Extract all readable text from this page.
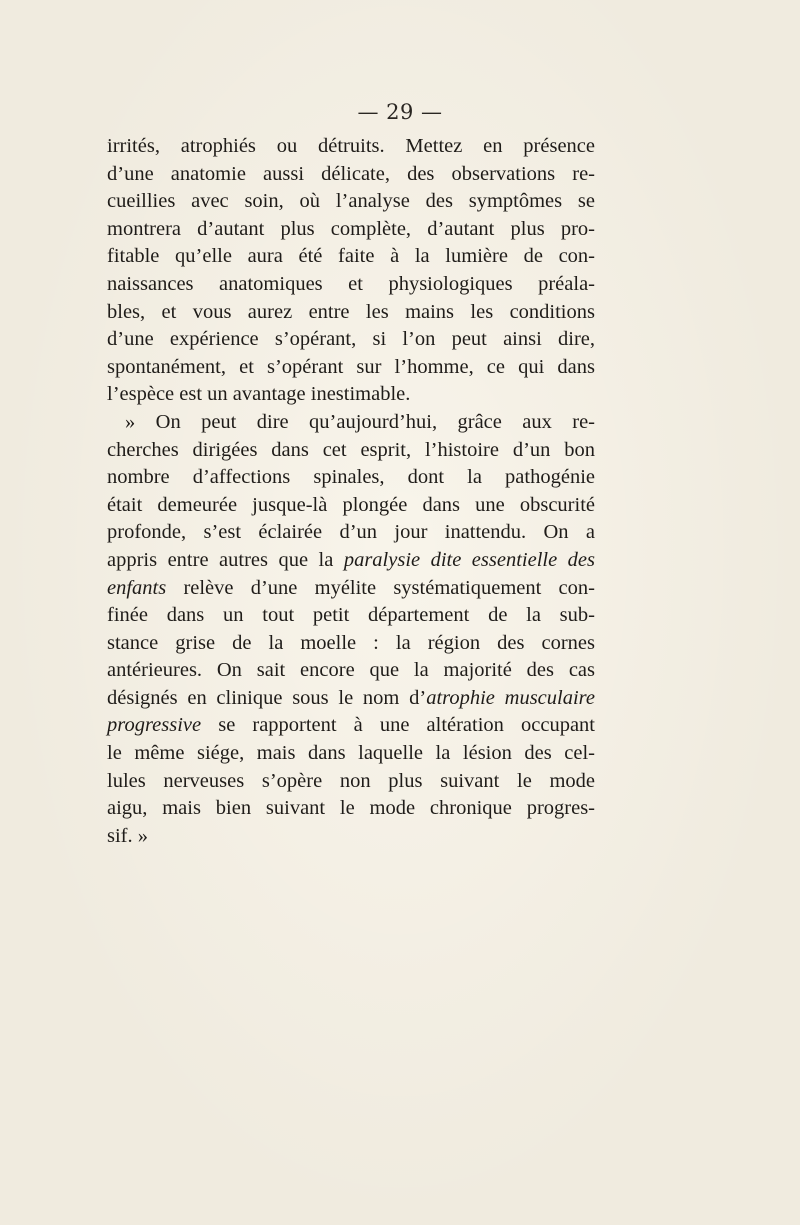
— 29 —
irrités, atrophiés ou détruits. Mettez en présence
d’une anatomie aussi délicate, des observations re-
cueillies avec soin, où l’analyse des symptômes se
montrera d’autant plus complète, d’autant plus pro-
fitable qu’elle aura été faite à la lumière de con-
naissances anatomiques et physiologiques préala-
bles, et vous aurez entre les mains les conditions
d’une expérience s’opérant, si l’on peut ainsi dire,
spontanément, et s’opérant sur l’homme, ce qui dans
l’espèce est un avantage inestimable.
» On peut dire qu’aujourd’hui, grâce aux re-
cherches dirigées dans cet esprit, l’histoire d’un bon
nombre d’affections spinales, dont la pathogénie
était demeurée jusque-là plongée dans une obscurité
profonde, s’est éclairée d’un jour inattendu. On a
appris entre autres que la paralysie dite essentielle des
enfants relève d’une myélite systématiquement con-
finée dans un tout petit département de la sub-
stance grise de la moelle : la région des cornes
antérieures. On sait encore que la majorité des cas
désignés en clinique sous le nom d’atrophie musculaire
progressive se rapportent à une altération occupant
le même siége, mais dans laquelle la lésion des cel-
lules nerveuses s’opère non plus suivant le mode
aigu, mais bien suivant le mode chronique progres-
sif. »
